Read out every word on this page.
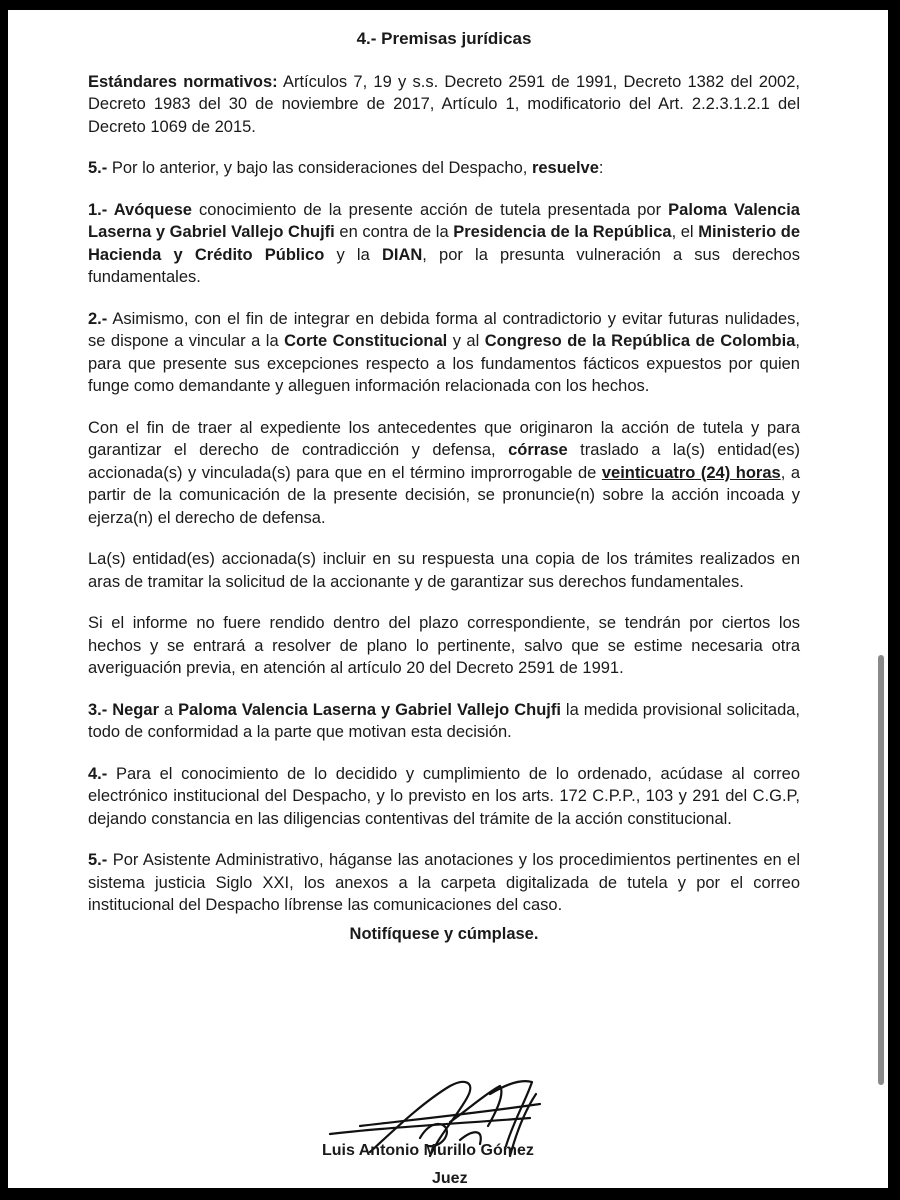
4.- Premisas jurídicas

Estándares normativos: Artículos 7, 19 y s.s. Decreto 2591 de 1991, Decreto 1382 del 2002, Decreto 1983 del 30 de noviembre de 2017, Artículo 1, modificatorio del Art. 2.2.3.1.2.1 del Decreto 1069 de 2015.

5.- Por lo anterior, y bajo las consideraciones del Despacho, resuelve:

1.- Avóquese conocimiento de la presente acción de tutela presentada por Paloma Valencia Laserna y Gabriel Vallejo Chujfi en contra de la Presidencia de la República, el Ministerio de Hacienda y Crédito Público y la DIAN, por la presunta vulneración a sus derechos fundamentales.

2.- Asimismo, con el fin de integrar en debida forma al contradictorio y evitar futuras nulidades, se dispone a vincular a la Corte Constitucional y al Congreso de la República de Colombia, para que presente sus excepciones respecto a los fundamentos fácticos expuestos por quien funge como demandante y alleguen información relacionada con los hechos.

Con el fin de traer al expediente los antecedentes que originaron la acción de tutela y para garantizar el derecho de contradicción y defensa, córrase traslado a la(s) entidad(es) accionada(s) y vinculada(s) para que en el término improrrogable de veinticuatro (24) horas, a partir de la comunicación de la presente decisión, se pronuncie(n) sobre la acción incoada y ejerza(n) el derecho de defensa.

La(s) entidad(es) accionada(s) incluir en su respuesta una copia de los trámites realizados en aras de tramitar la solicitud de la accionante y de garantizar sus derechos fundamentales.

Si el informe no fuere rendido dentro del plazo correspondiente, se tendrán por ciertos los hechos y se entrará a resolver de plano lo pertinente, salvo que se estime necesaria otra averiguación previa, en atención al artículo 20 del Decreto 2591 de 1991.

3.- Negar a Paloma Valencia Laserna y Gabriel Vallejo Chujfi la medida provisional solicitada, todo de conformidad a la parte que motivan esta decisión.

4.- Para el conocimiento de lo decidido y cumplimiento de lo ordenado, acúdase al correo electrónico institucional del Despacho, y lo previsto en los arts. 172 C.P.P., 103 y 291 del C.G.P, dejando constancia en las diligencias contentivas del trámite de la acción constitucional.

5.- Por Asistente Administrativo, háganse las anotaciones y los procedimientos pertinentes en el sistema justicia Siglo XXI, los anexos a la carpeta digitalizada de tutela y por el correo institucional del Despacho líbrense las comunicaciones del caso.

Notifíquese y cúmplase.
Luis Antonio Murillo Gómez
Juez
